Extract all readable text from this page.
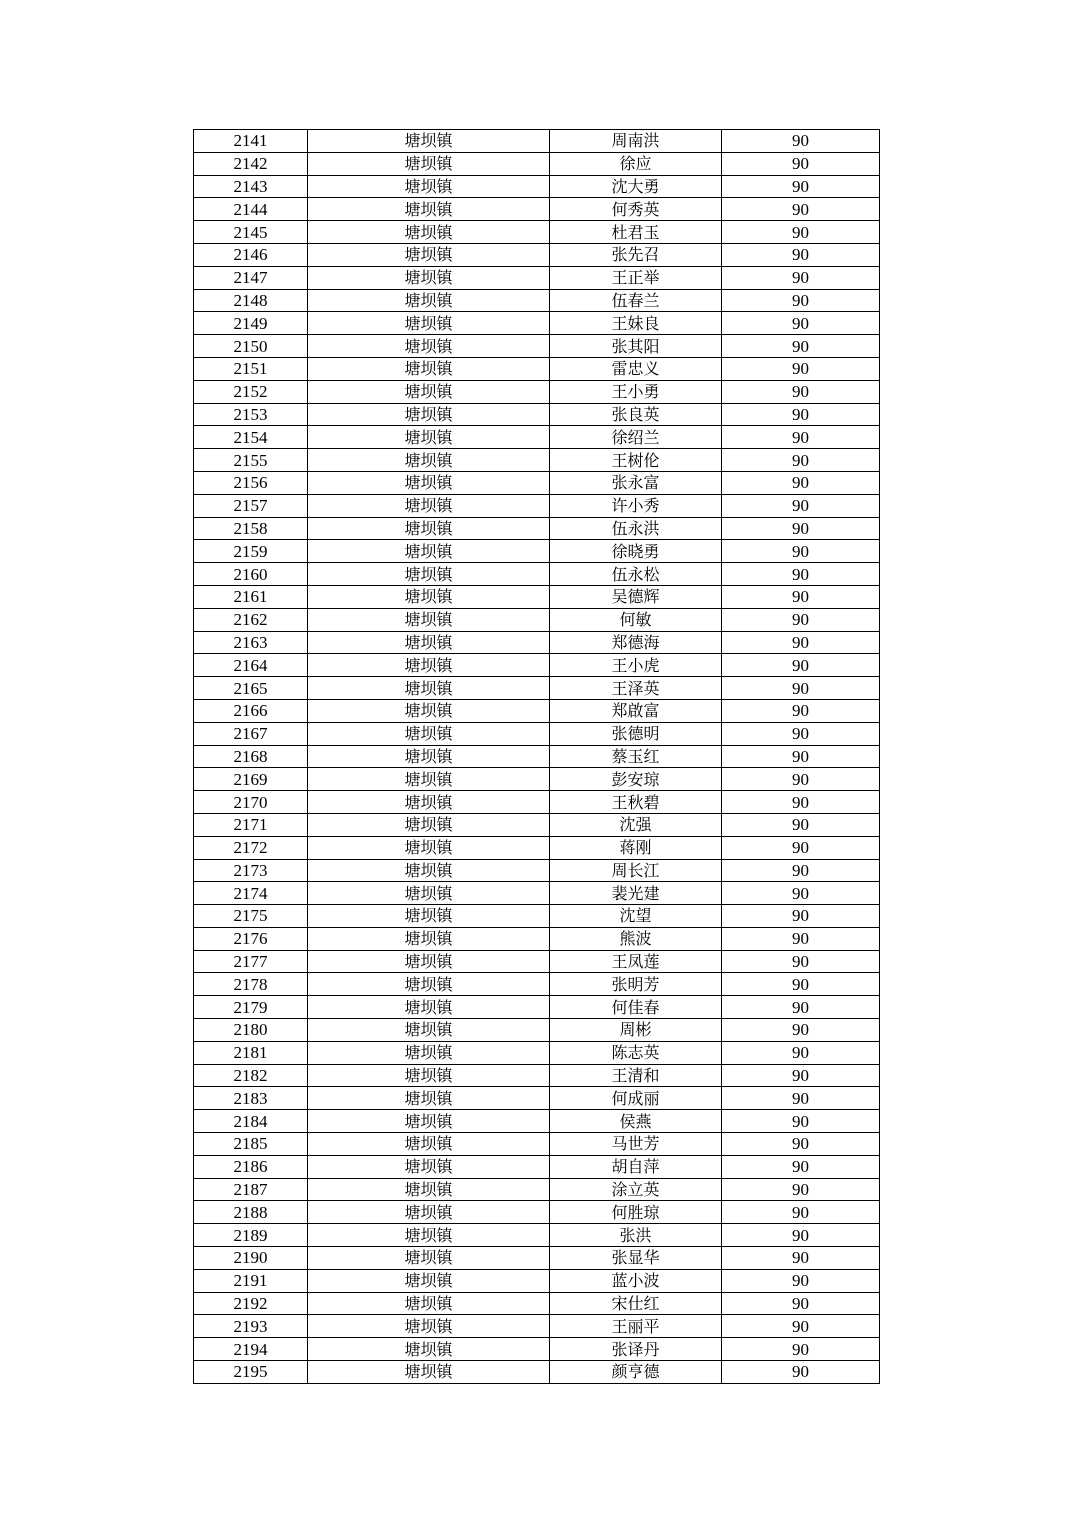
2141	塘坝镇	周南洪	90
2142	塘坝镇	徐应	90
2143	塘坝镇	沈大勇	90
2144	塘坝镇	何秀英	90
2145	塘坝镇	杜君玉	90
2146	塘坝镇	张先召	90
2147	塘坝镇	王正举	90
2148	塘坝镇	伍春兰	90
2149	塘坝镇	王妹良	90
2150	塘坝镇	张其阳	90
2151	塘坝镇	雷忠义	90
2152	塘坝镇	王小勇	90
2153	塘坝镇	张良英	90
2154	塘坝镇	徐绍兰	90
2155	塘坝镇	王树伦	90
2156	塘坝镇	张永富	90
2157	塘坝镇	许小秀	90
2158	塘坝镇	伍永洪	90
2159	塘坝镇	徐晓勇	90
2160	塘坝镇	伍永松	90
2161	塘坝镇	吴德辉	90
2162	塘坝镇	何敏	90
2163	塘坝镇	郑德海	90
2164	塘坝镇	王小虎	90
2165	塘坝镇	王泽英	90
2166	塘坝镇	郑啟富	90
2167	塘坝镇	张德明	90
2168	塘坝镇	蔡玉红	90
2169	塘坝镇	彭安琼	90
2170	塘坝镇	王秋碧	90
2171	塘坝镇	沈强	90
2172	塘坝镇	蒋刚	90
2173	塘坝镇	周长江	90
2174	塘坝镇	裴光建	90
2175	塘坝镇	沈望	90
2176	塘坝镇	熊波	90
2177	塘坝镇	王凤莲	90
2178	塘坝镇	张明芳	90
2179	塘坝镇	何佳春	90
2180	塘坝镇	周彬	90
2181	塘坝镇	陈志英	90
2182	塘坝镇	王清和	90
2183	塘坝镇	何成丽	90
2184	塘坝镇	侯燕	90
2185	塘坝镇	马世芳	90
2186	塘坝镇	胡自萍	90
2187	塘坝镇	涂立英	90
2188	塘坝镇	何胜琼	90
2189	塘坝镇	张洪	90
2190	塘坝镇	张显华	90
2191	塘坝镇	蓝小波	90
2192	塘坝镇	宋仕红	90
2193	塘坝镇	王丽平	90
2194	塘坝镇	张译丹	90
2195	塘坝镇	颜亨德	90
